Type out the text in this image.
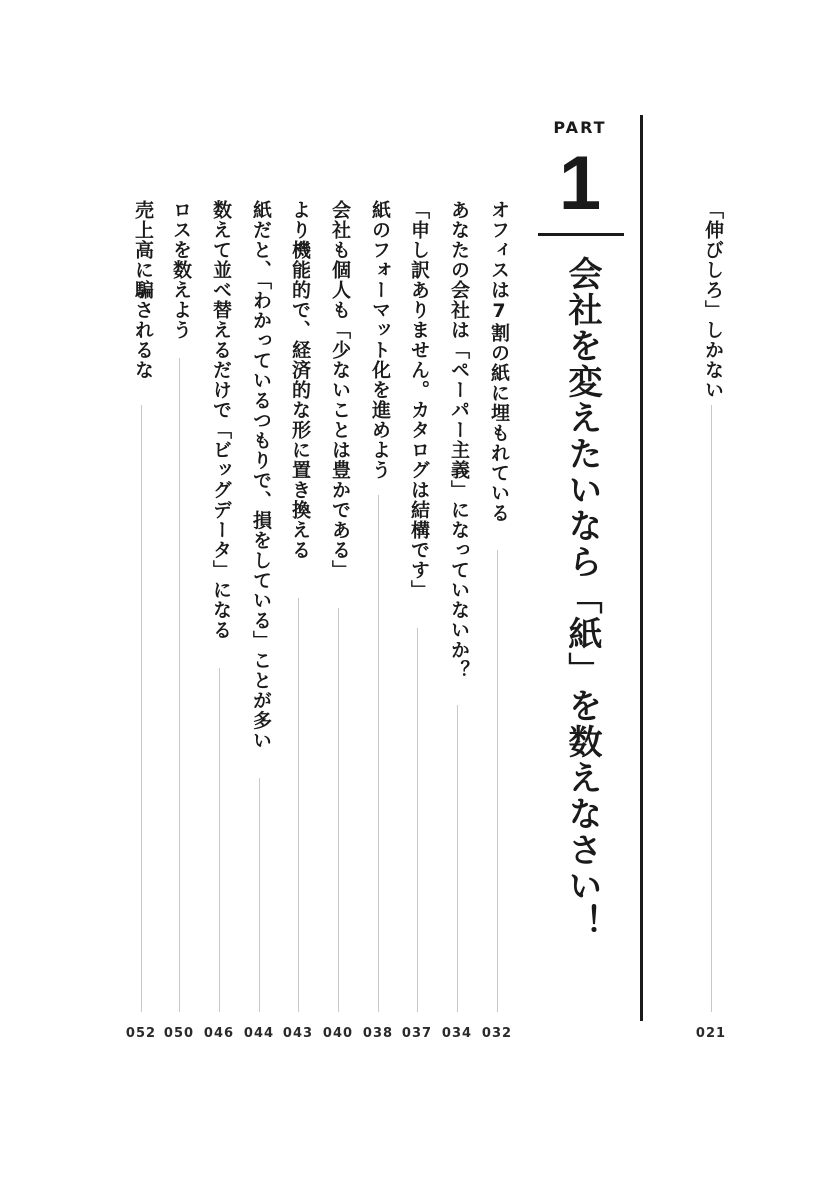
「伸びしろ」しかない
021
PART
1
会社を変えたいなら「紙」を数えなさい！
オフィスは7割の紙に埋もれている
032
あなたの会社は「ペーパー主義」になっていないか？
034
「申し訳ありません。カタログは結構です」
037
紙のフォーマット化を進めよう
038
会社も個人も「少ないことは豊かである」
040
より機能的で、経済的な形に置き換える
043
紙だと、「わかっているつもりで、損をしている」ことが多い
044
数えて並べ替えるだけで「ビッグデータ」になる
046
ロスを数えよう
050
売上高に騙されるな
052
